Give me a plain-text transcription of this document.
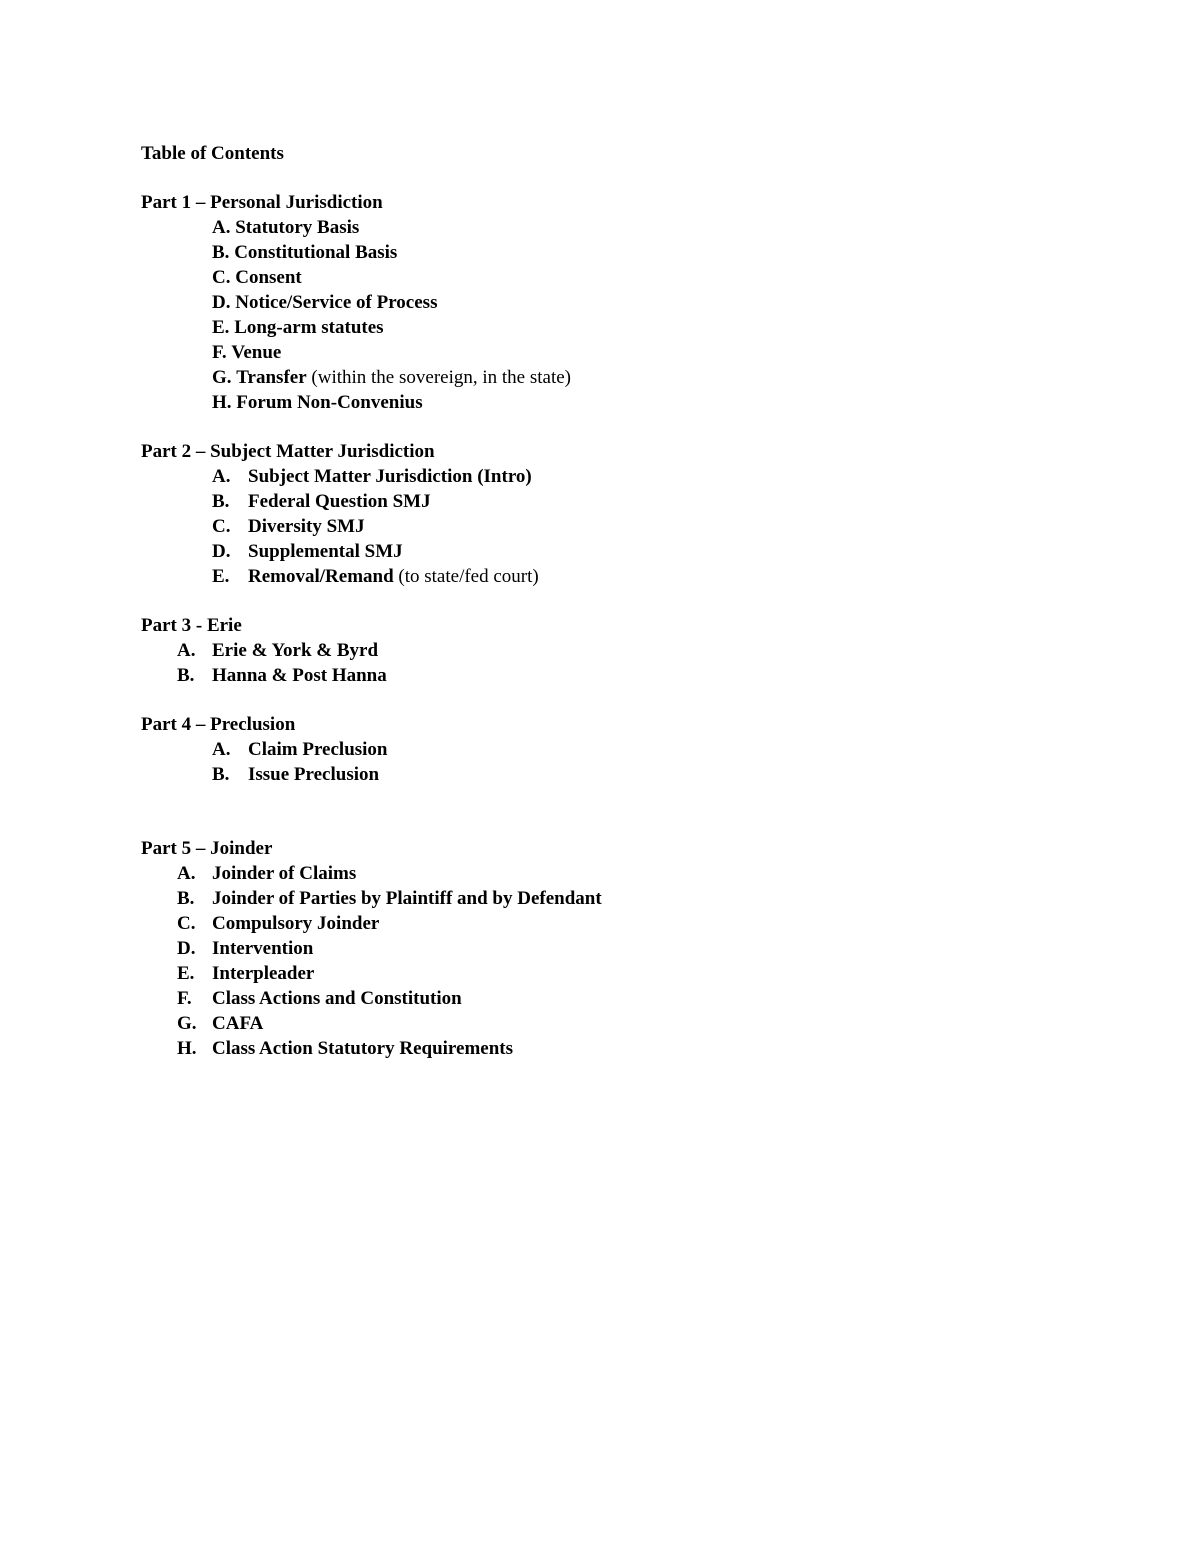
Table of Contents
Part 1 – Personal Jurisdiction
A. Statutory Basis
B. Constitutional Basis
C. Consent
D. Notice/Service of Process
E. Long-arm statutes
F. Venue
G. Transfer (within the sovereign, in the state)
H. Forum Non-Convenius
Part 2 – Subject Matter Jurisdiction
A. Subject Matter Jurisdiction (Intro)
B. Federal Question SMJ
C. Diversity SMJ
D. Supplemental SMJ
E. Removal/Remand (to state/fed court)
Part 3 - Erie
A. Erie & York & Byrd
B. Hanna & Post Hanna
Part 4 – Preclusion
A. Claim Preclusion
B. Issue Preclusion
Part 5 – Joinder
A. Joinder of Claims
B. Joinder of Parties by Plaintiff and by Defendant
C. Compulsory Joinder
D. Intervention
E. Interpleader
F. Class Actions and Constitution
G. CAFA
H. Class Action Statutory Requirements
